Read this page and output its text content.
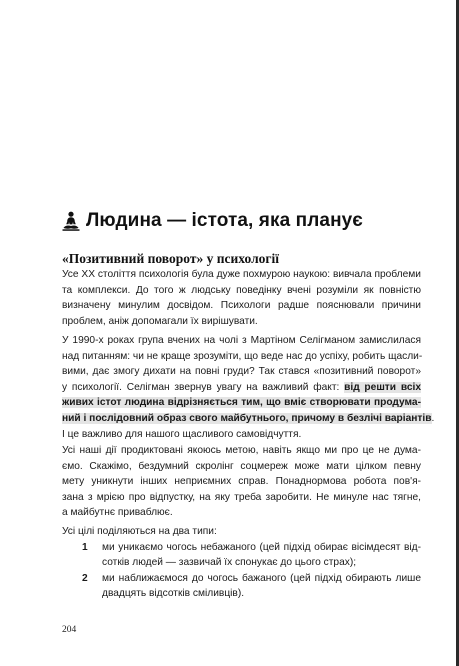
Людина — істота, яка планує
«Позитивний поворот» у психології
Усе XX століття психологія була дуже похмурою наукою: вивчала проблеми
та комплекси. До того ж людську поведінку вчені розуміли як повністю
визначену минулим досвідом. Психологи радше пояснювали причини
проблем, аніж допомагали їх вирішувати.
У 1990-х роках група вчених на чолі з Мартіном Селігманом замислилася
над питанням: чи не краще зрозуміти, що веде нас до успіху, робить щасли-
вими, дає змогу дихати на повні груди? Так стався «позитивний поворот»
у психології. Селігман звернув увагу на важливий факт: від решти всіх
живих істот людина відрізняється тим, що вміє створювати продума-
ний і послідовний образ свого майбутнього, причому в безлічі варіантів.
І це важливо для нашого щасливого самовідчуття.
Усі наші дії продиктовані якоюсь метою, навіть якщо ми про це не дума-
ємо. Скажімо, бездумний скролінг соцмереж може мати цілком певну
мету уникнути інших неприємних справ. Понаднормова робота пов'я-
зана з мрією про відпустку, на яку треба заробити. Не минуле нас тягне,
а майбутнє приваблює.
Усі цілі поділяються на два типи:
1	ми уникаємо чогось небажаного (цей підхід обирає вісімдесят від-
сотків людей — зазвичай їх спонукає до цього страх);
2	ми наближаємося до чогось бажаного (цей підхід обирають лише
двадцять відсотків сміливців).
204
